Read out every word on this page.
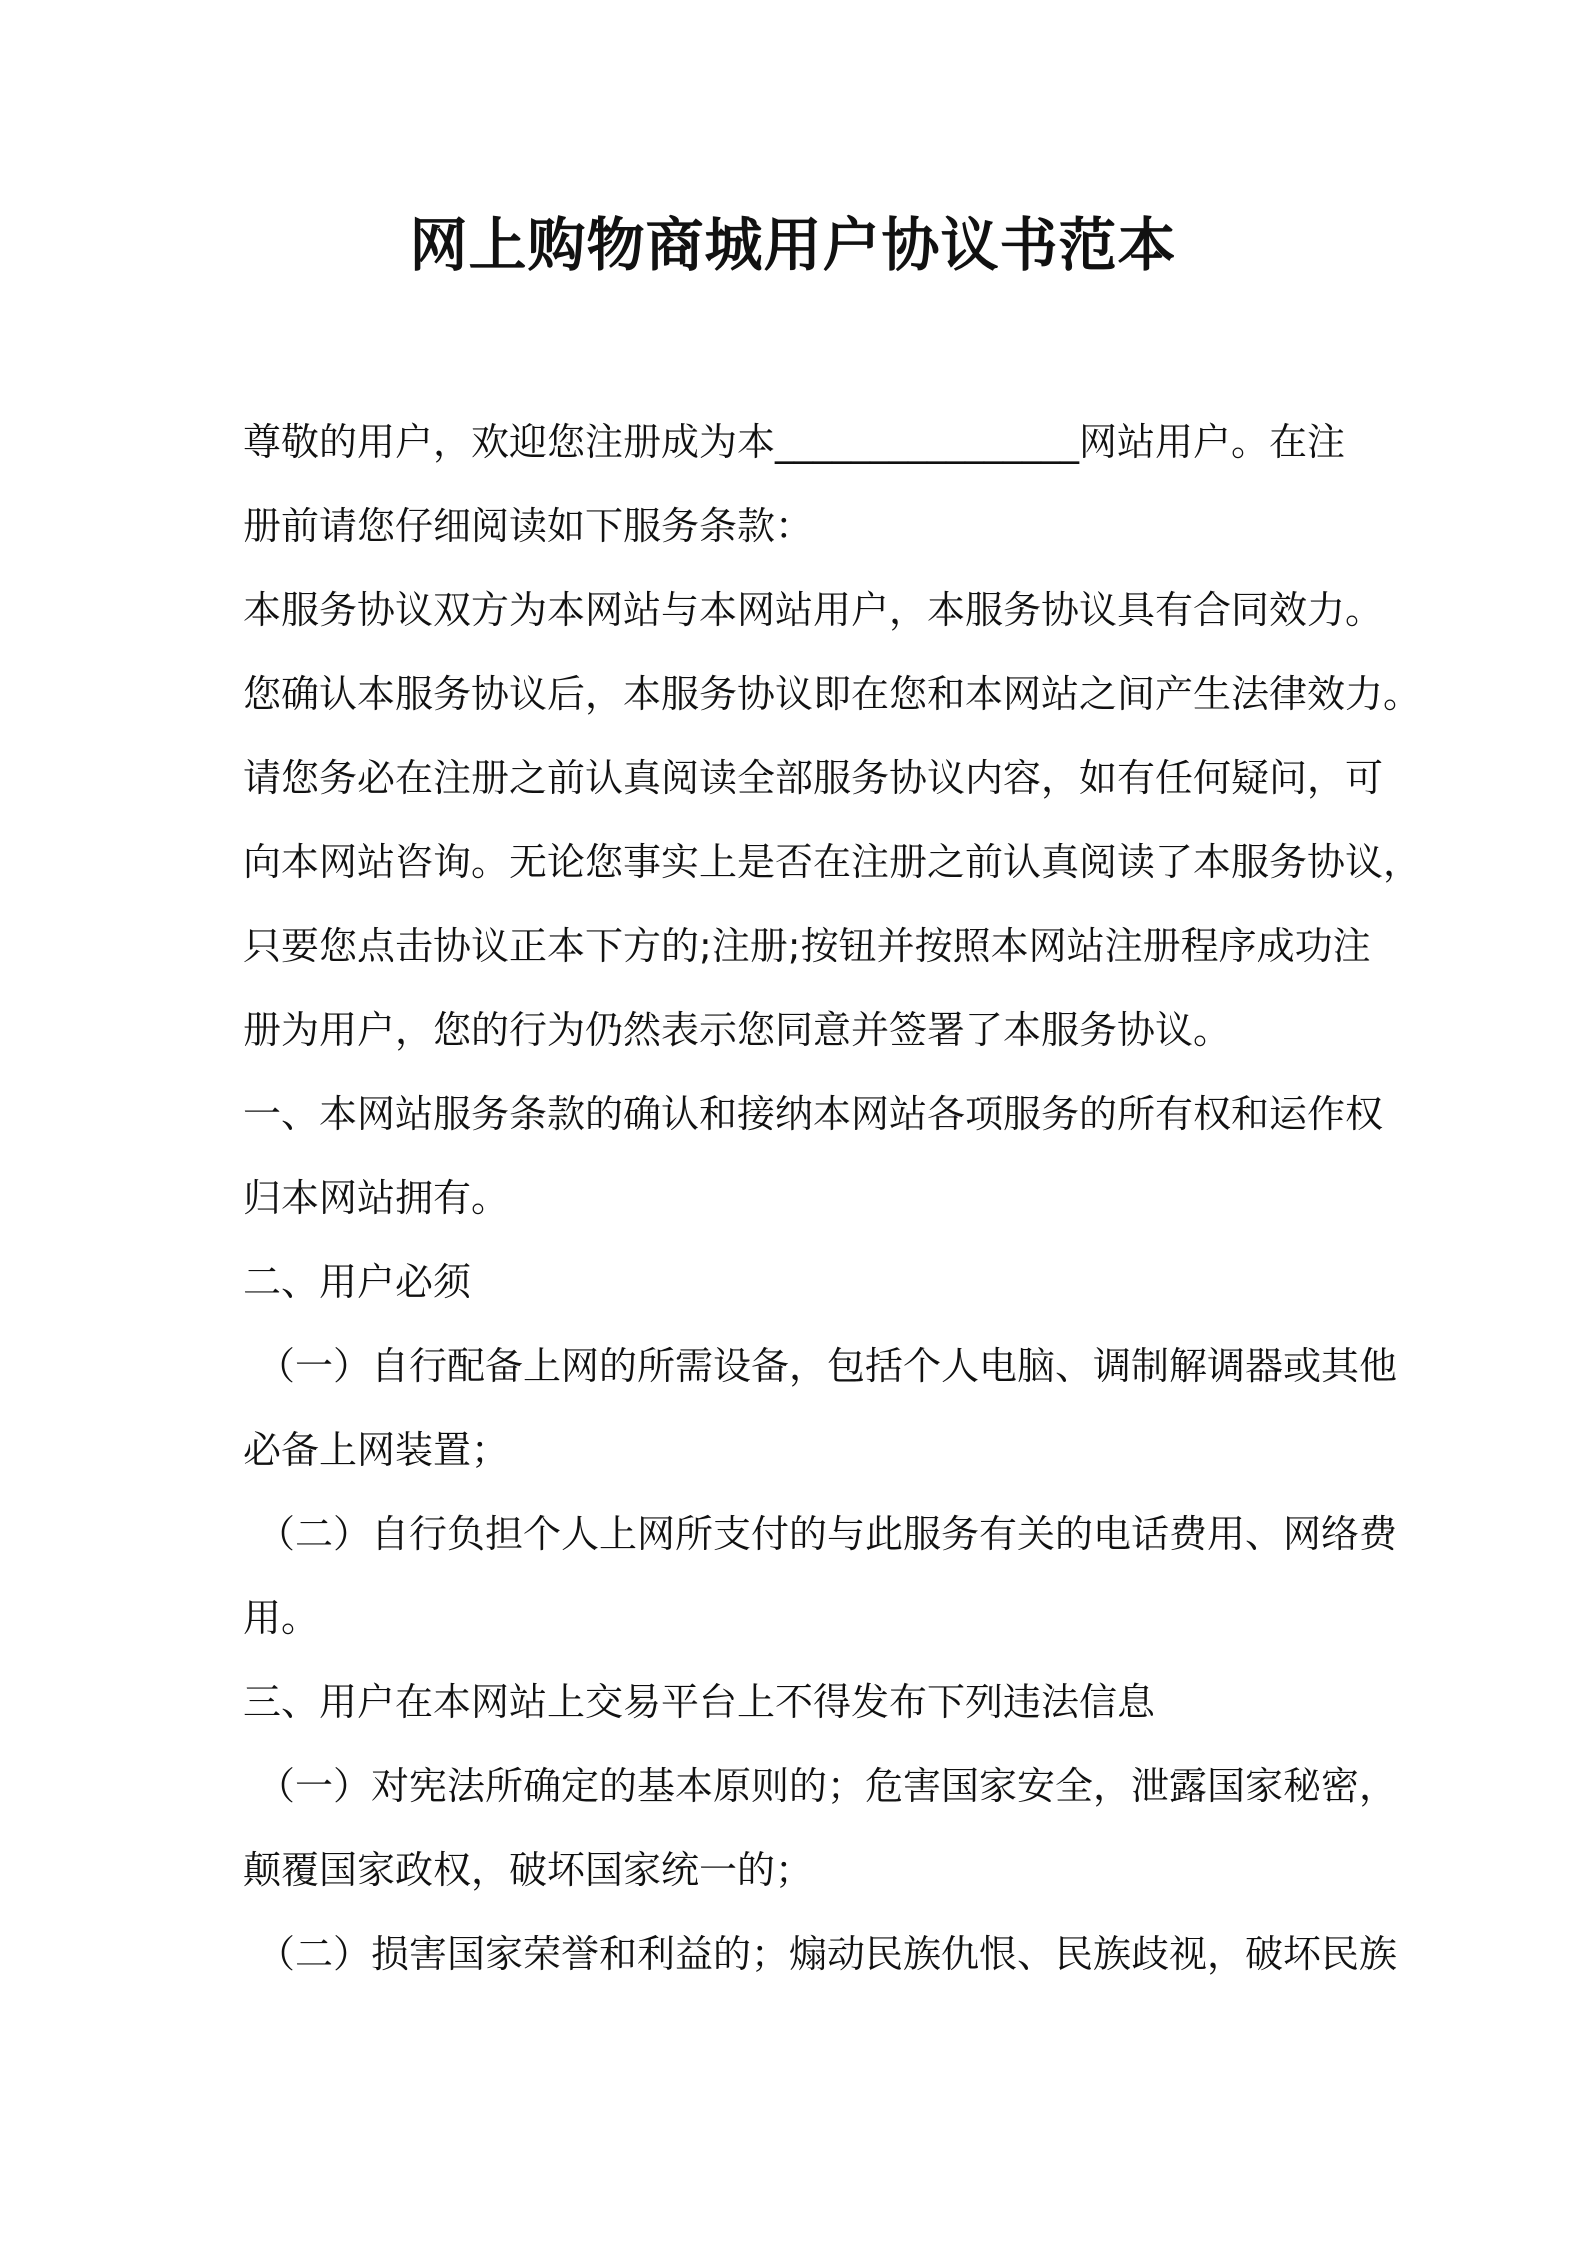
网上购物商城用户协议书范本
尊敬的用户，欢迎您注册成为本________________网站用户。在注
册前请您仔细阅读如下服务条款：
本服务协议双方为本网站与本网站用户，本服务协议具有合同效力。
您确认本服务协议后，本服务协议即在您和本网站之间产生法律效力。
请您务必在注册之前认真阅读全部服务协议内容，如有任何疑问，可
向本网站咨询。无论您事实上是否在注册之前认真阅读了本服务协议，
只要您点击协议正本下方的;注册;按钮并按照本网站注册程序成功注
册为用户，您的行为仍然表示您同意并签署了本服务协议。
一、本网站服务条款的确认和接纳本网站各项服务的所有权和运作权
归本网站拥有。
二、用户必须
（一）自行配备上网的所需设备，包括个人电脑、调制解调器或其他
必备上网装置；
（二）自行负担个人上网所支付的与此服务有关的电话费用、网络费
用。
三、用户在本网站上交易平台上不得发布下列违法信息
（一）对宪法所确定的基本原则的；危害国家安全，泄露国家秘密，
颠覆国家政权，破坏国家统一的；
（二）损害国家荣誉和利益的；煽动民族仇恨、民族歧视，破坏民族
